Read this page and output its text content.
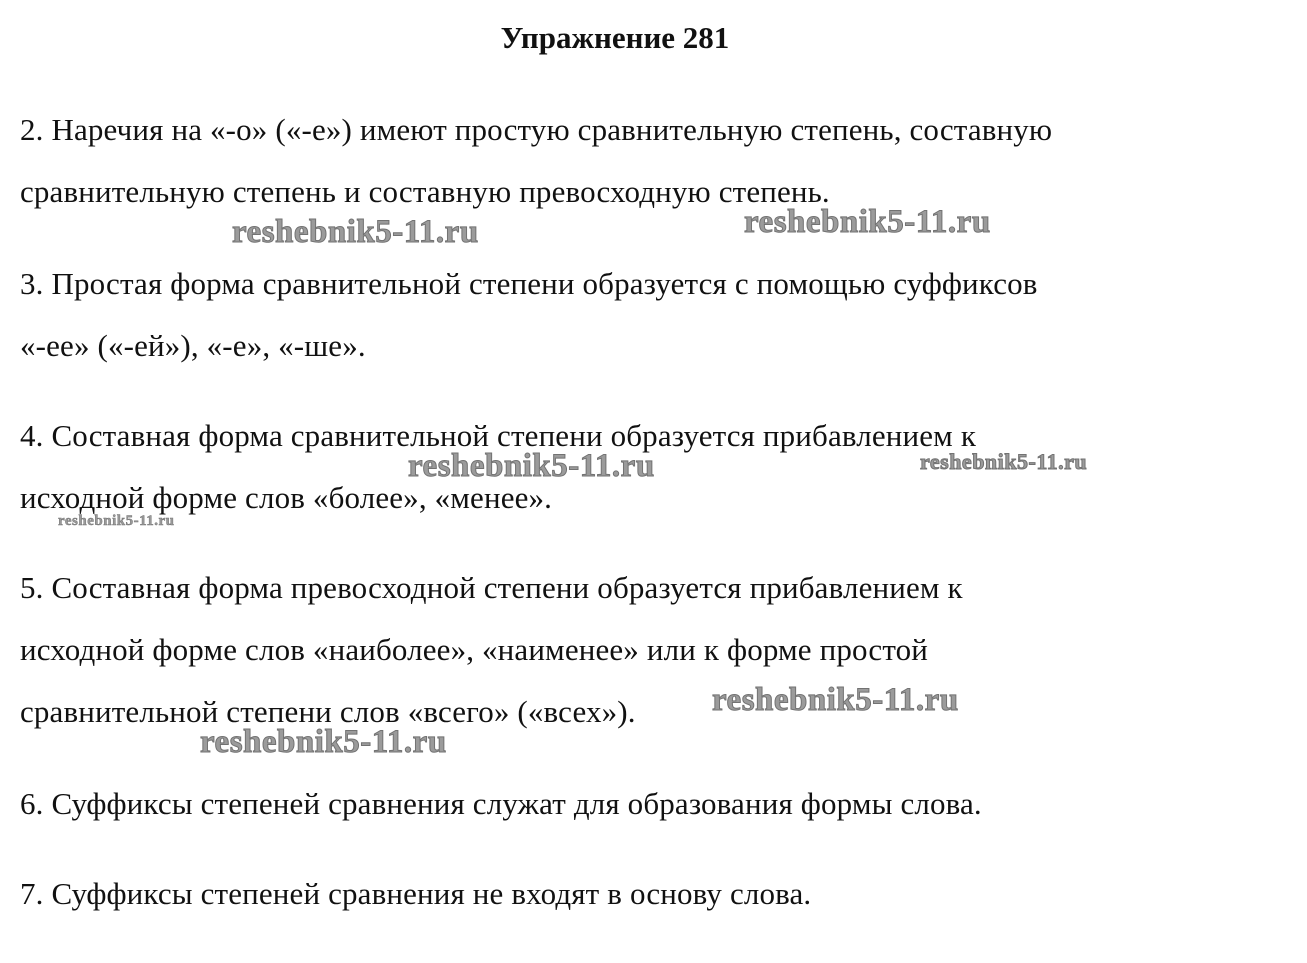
Упражнение 281
2. Наречия на «-о» («-е») имеют простую сравнительную степень, составную
сравнительную степень и составную превосходную степень.
3. Простая форма сравнительной степени образуется с помощью суффиксов
«-ее» («-ей»), «-е», «-ше».
4. Составная форма сравнительной степени образуется прибавлением к
исходной форме слов «более», «менее».
5. Составная форма превосходной степени образуется прибавлением к
исходной форме слов «наиболее», «наименее» или к форме простой
сравнительной степени слов «всего» («всех»).
6. Суффиксы степеней сравнения служат для образования формы слова.
7. Суффиксы степеней сравнения не входят в основу слова.
reshebnik5-11.ru	reshebnik5-11.ru
reshebnik5-11.ru	reshebnik5-11.ru
reshebnik5-11.ru
reshebnik5-11.ru
reshebnik5-11.ru
